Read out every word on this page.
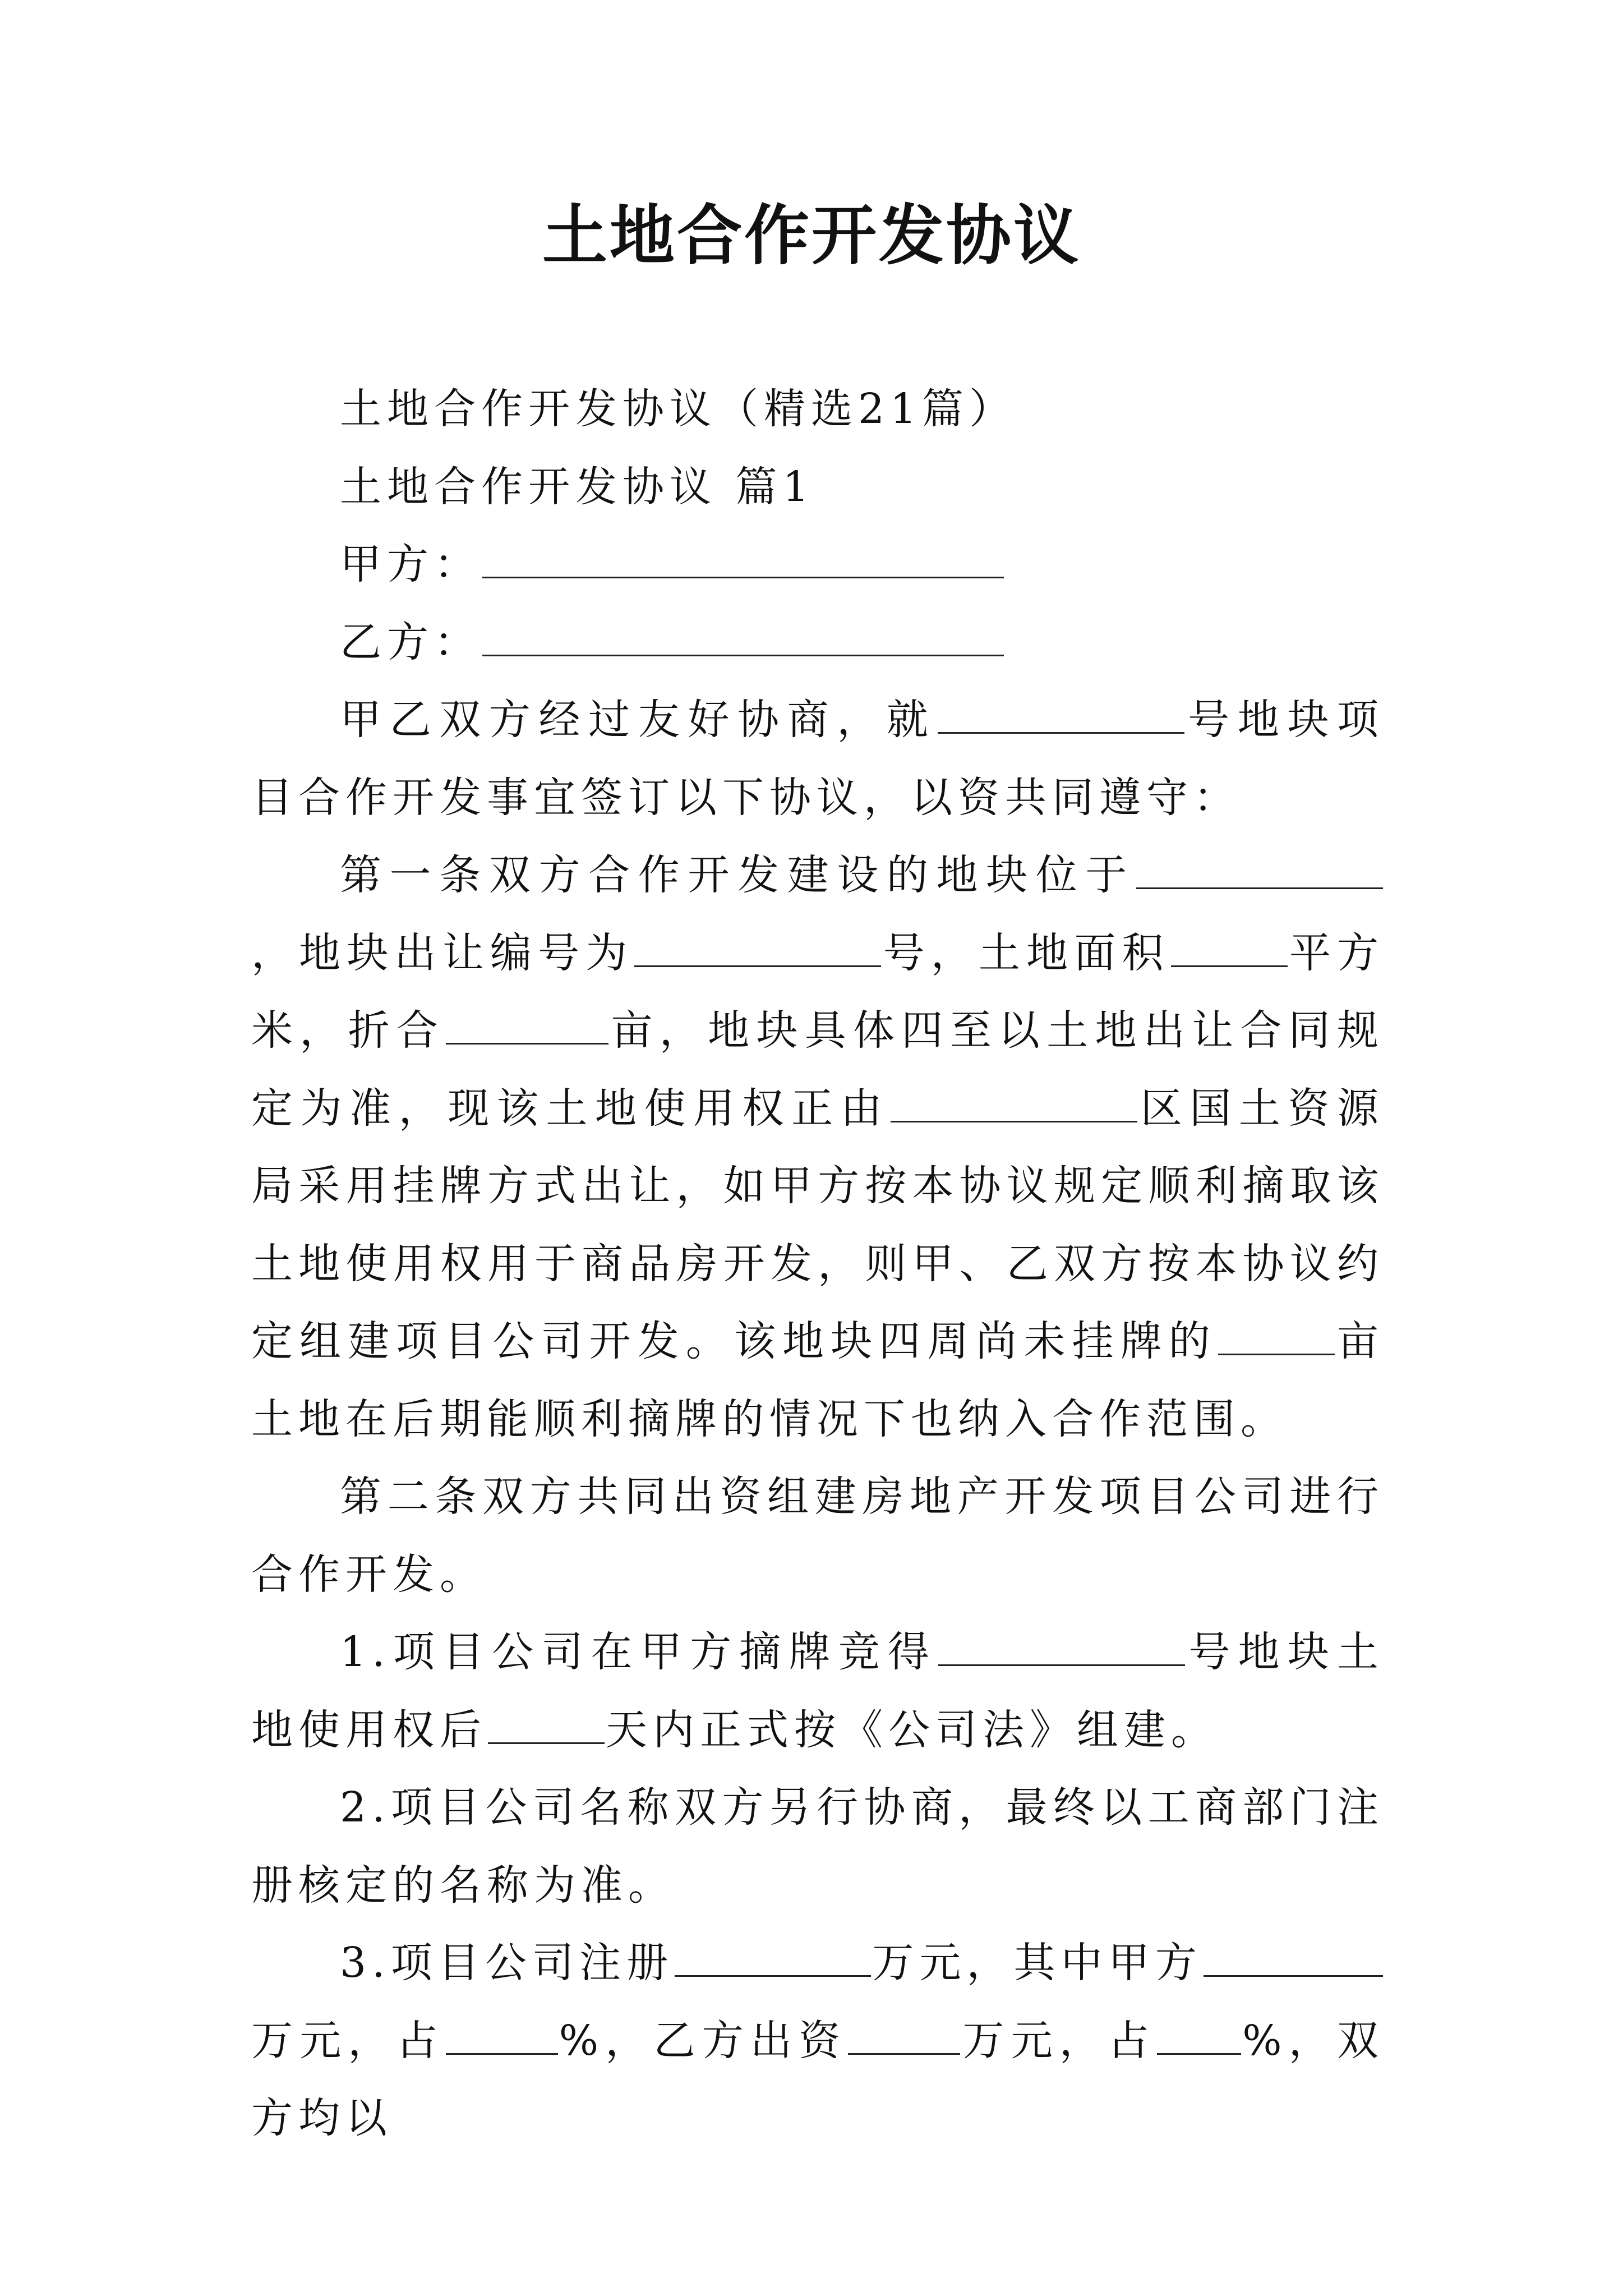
土地合作开发协议

土地合作开发协议（精选21篇）

土地合作开发协议 篇1

甲方：

乙方：

甲乙双方经过友好协商，就	号地块项目合作开发事宜签订以下协议，以资共同遵守：

第一条双方合作开发建设的地块位于，地块出让编号为	号，土地面积	平方米，折合	亩，地块具体四至以土地出让合同规定为准，现该土地使用权正由	区国土资源局采用挂牌方式出让，如甲方按本协议规定顺利摘取该土地使用权用于商品房开发，则甲、乙双方按本协议约定组建项目公司开发。该地块四周尚未挂牌的	亩土地在后期能顺利摘牌的情况下也纳入合作范围。

第二条双方共同出资组建房地产开发项目公司进行合作开发。

1.项目公司在甲方摘牌竞得	号地块土地使用权后	天内正式按《公司法》组建。

2.项目公司名称双方另行协商，最终以工商部门注册核定的名称为准。

3.项目公司注册	万元，其中甲方万元，占	%，乙方出资	万元，占 %，双方均以
